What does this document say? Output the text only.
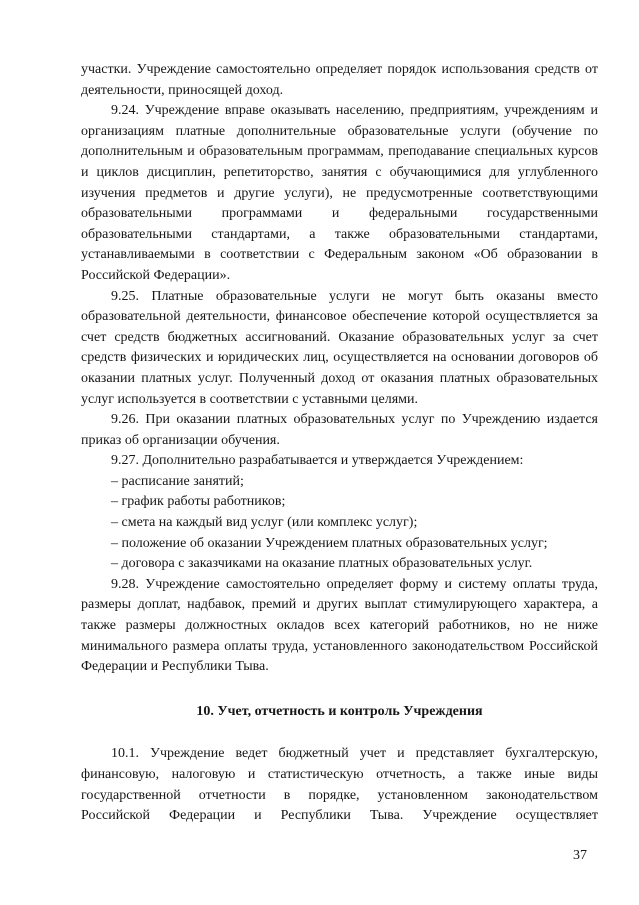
участки. Учреждение самостоятельно определяет порядок использования средств от деятельности, приносящей доход.

9.24. Учреждение вправе оказывать населению, предприятиям, учреждениям и организациям платные дополнительные образовательные услуги (обучение по дополнительным и образовательным программам, преподавание специальных курсов и циклов дисциплин, репетиторство, занятия с обучающимися для углубленного изучения предметов и другие услуги), не предусмотренные соответствующими образовательными программами и федеральными государственными образовательными стандартами, а также образовательными стандартами, устанавливаемыми в соответствии с Федеральным законом «Об образовании в Российской Федерации».

9.25. Платные образовательные услуги не могут быть оказаны вместо образовательной деятельности, финансовое обеспечение которой осуществляется за счет средств бюджетных ассигнований. Оказание образовательных услуг за счет средств физических и юридических лиц, осуществляется на основании договоров об оказании платных услуг. Полученный доход от оказания платных образовательных услуг используется в соответствии с уставными целями.

9.26. При оказании платных образовательных услуг по Учреждению издается приказ об организации обучения.

9.27. Дополнительно разрабатывается и утверждается Учреждением:

– расписание занятий;

– график работы работников;

– смета на каждый вид услуг (или комплекс услуг);

– положение об оказании Учреждением платных образовательных услуг;

– договора с заказчиками на оказание платных образовательных услуг.

9.28. Учреждение самостоятельно определяет форму и систему оплаты труда, размеры доплат, надбавок, премий и других выплат стимулирующего характера, а также размеры должностных окладов всех категорий работников, но не ниже минимального размера оплаты труда, установленного законодательством Российской Федерации и Республики Тыва.

10. Учет, отчетность и контроль Учреждения

10.1. Учреждение ведет бюджетный учет и представляет бухгалтерскую, финансовую, налоговую и статистическую отчетность, а также иные виды государственной отчетности в порядке, установленном законодательством Российской Федерации и Республики Тыва. Учреждение осуществляет

37
